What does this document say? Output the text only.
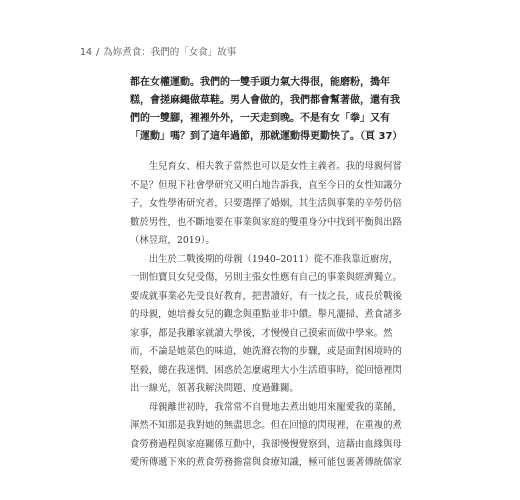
14 / 為妳煮食：我們的「女食」故事

都在女權運動。我們的一雙手頭力氣大得很，能磨粉，搗年糕，會搓麻繩做草鞋。男人會做的，我們都會幫著做，還有我們的一雙腳，裡裡外外，一天走到晚。不是有女「拳」又有「運動」嗎？到了這年過節，那就運動得更勤快了。（頁 37）

生兒育女、相夫教子當然也可以是女性主義者。我的母親何嘗不是？但現下社會學研究又明白地告訴我，直至今日的女性知識分子，女性學術研究者，只要選擇了婚姻，其生活與事業的辛勞仍倍數於男性，也不斷地要在事業與家庭的雙重身分中找到平衡與出路（林昱瑄，2019）。

出生於二戰後期的母親（1940–2011）從不准我靠近廚房，一則怕寶貝女兒受傷，另則主張女性應有自己的事業與經濟獨立。要成就事業必先受良好教育，把書讀好，有一技之長，成長於戰後的母親，她培養女兒的觀念與重點並非中饋。舉凡灑掃、煮食諸多家事，都是我離家就讀大學後，才慢慢自己摸索而做中學來。然而，不論是她菜色的味道，她洗滌衣物的步驟，或是面對困境時的堅毅，總在我迷惘、困惑於怎麼處理大小生活瑣事時，從回憶裡閃出一線光，領著我解決問題、度過難關。

母親離世初時，我常常不自覺地去煮出她用來寵愛我的菜餚，渾然不知那是我對她的無盡思念。但在回憶的閃現裡，在重複的煮食勞務過程與家庭關係互動中，我卻慢慢覺察到，這藉由血緣與母愛所傳遞下來的煮食勞務擔當與食療知識，極可能包裹著傳統儒家
